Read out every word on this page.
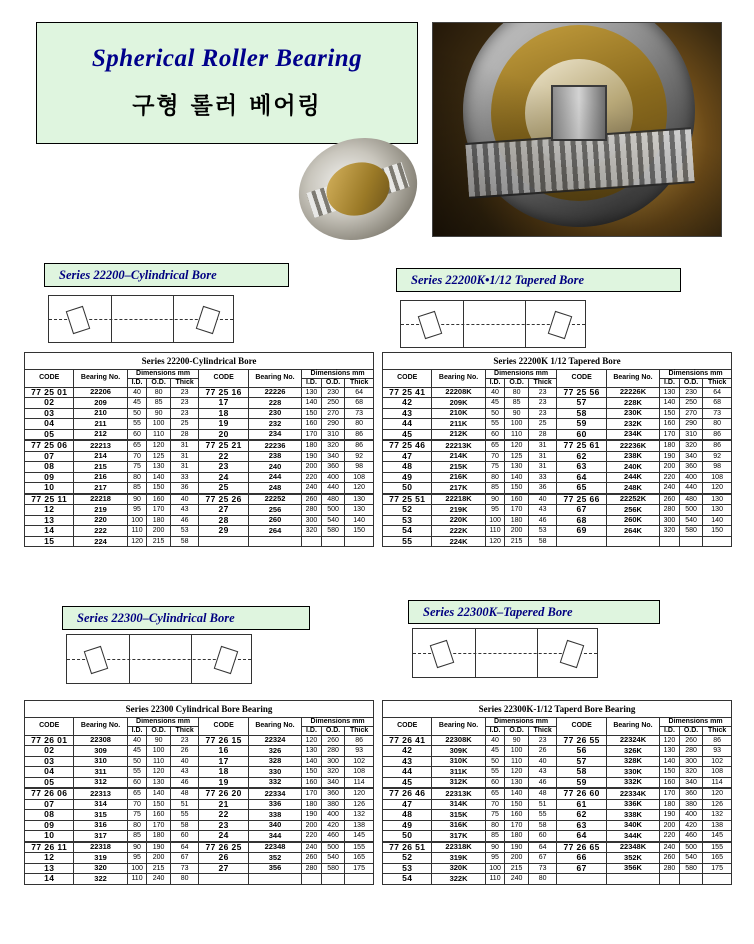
Spherical Roller Bearing
구형 롤러 베어링
Series 22200–Cylindrical Bore	Series 22200K•1/12 Tapered Bore
Series 22300–Cylindrical Bore	Series 22300K–Tapered Bore
Series 22200-Cylindrical Bore									
CODE	Bearing No.	Dimensions mm			CODE	Bearing No.	Dimensions mm		
		I.D.	O.D.	Thick			I.D.	O.D.	Thick
77 25 01	22206	40	80	23	77 25 16	22226	130	230	64
02	209	45	85	23	17	228	140	250	68
03	210	50	90	23	18	230	150	270	73
04	211	55	100	25	19	232	160	290	80
05	212	60	110	28	20	234	170	310	86
77 25 06	22213	65	120	31	77 25 21	22236	180	320	86
07	214	70	125	31	22	238	190	340	92
08	215	75	130	31	23	240	200	360	98
09	216	80	140	33	24	244	220	400	108
10	217	85	150	36	25	248	240	440	120
77 25 11	22218	90	160	40	77 25 26	22252	260	480	130
12	219	95	170	43	27	256	280	500	130
13	220	100	180	46	28	260	300	540	140
14	222	110	200	53	29	264	320	580	150
15	224	120	215	58					
Series 22200K 1/12 Tapered Bore									
CODE	Bearing No.	Dimensions mm			CODE	Bearing No.	Dimensions mm		
		I.D.	O.D.	Thick			I.D.	O.D.	Thick
77 25 41	22208K	40	80	23	77 25 56	22226K	130	230	64
42	209K	45	85	23	57	228K	140	250	68
43	210K	50	90	23	58	230K	150	270	73
44	211K	55	100	25	59	232K	160	290	80
45	212K	60	110	28	60	234K	170	310	86
77 25 46	22213K	65	120	31	77 25 61	22236K	180	320	86
47	214K	70	125	31	62	238K	190	340	92
48	215K	75	130	31	63	240K	200	360	98
49	216K	80	140	33	64	244K	220	400	108
50	217K	85	150	36	65	248K	240	440	120
77 25 51	22218K	90	160	40	77 25 66	22252K	260	480	130
52	219K	95	170	43	67	256K	280	500	130
53	220K	100	180	46	68	260K	300	540	140
54	222K	110	200	53	69	264K	320	580	150
55	224K	120	215	58					
Series 22300 Cylindrical Bore Bearing									
CODE	Bearing No.	Dimensions mm			CODE	Bearing No.	Dimensions mm		
		I.D.	O.D.	Thick			I.D.	O.D.	Thick
77 26 01	22308	40	90	23	77 26 15	22324	120	260	86
02	309	45	100	26	16	326	130	280	93
03	310	50	110	40	17	328	140	300	102
04	311	55	120	43	18	330	150	320	108
05	312	60	130	46	19	332	160	340	114
77 26 06	22313	65	140	48	77 26 20	22334	170	360	120
07	314	70	150	51	21	336	180	380	126
08	315	75	160	55	22	338	190	400	132
09	316	80	170	58	23	340	200	420	138
10	317	85	180	60	24	344	220	460	145
77 26 11	22318	90	190	64	77 26 25	22348	240	500	155
12	319	95	200	67	26	352	260	540	165
13	320	100	215	73	27	356	280	580	175
14	322	110	240	80					
Series 22300K-1/12 Taperd Bore Bearing									
CODE	Bearing No.	Dimensions mm			CODE	Bearing No.	Dimensions mm		
		I.D.	O.D.	Thick			I.D.	O.D.	Thick
77 26 41	22308K	40	90	23	77 26 55	22324K	120	260	86
42	309K	45	100	26	56	326K	130	280	93
43	310K	50	110	40	57	328K	140	300	102
44	311K	55	120	43	58	330K	150	320	108
45	312K	60	130	46	59	332K	160	340	114
77 26 46	22313K	65	140	48	77 26 60	22334K	170	360	120
47	314K	70	150	51	61	336K	180	380	126
48	315K	75	160	55	62	338K	190	400	132
49	316K	80	170	58	63	340K	200	420	138
50	317K	85	180	60	64	344K	220	460	145
77 26 51	22318K	90	190	64	77 26 65	22348K	240	500	155
52	319K	95	200	67	66	352K	260	540	165
53	320K	100	215	73	67	356K	280	580	175
54	322K	110	240	80					
